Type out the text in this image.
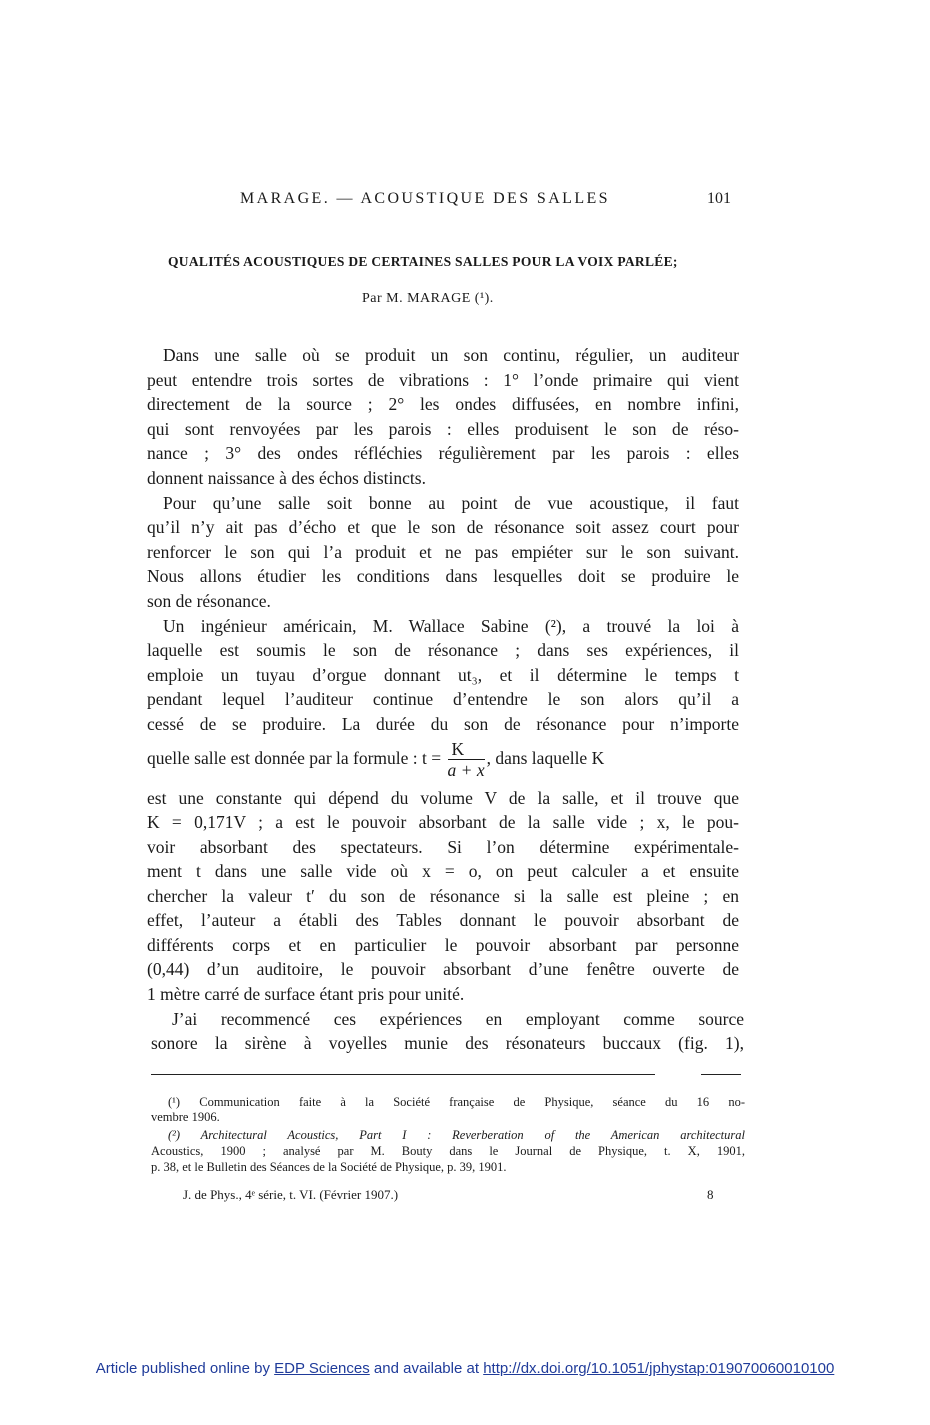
MARAGE. — ACOUSTIQUE DES SALLES	101
QUALITÉS ACOUSTIQUES DE CERTAINES SALLES POUR LA VOIX PARLÉE;
Par M. MARAGE (¹).
Dans une salle où se produit un son continu, régulier, un auditeur
peut entendre trois sortes de vibrations : 1° l’onde primaire qui vient
directement de la source ; 2° les ondes diffusées, en nombre infini,
qui sont renvoyées par les parois : elles produisent le son de réso-
nance ; 3° des ondes réfléchies régulièrement par les parois : elles
donnent naissance à des échos distincts.
Pour qu’une salle soit bonne au point de vue acoustique, il faut
qu’il n’y ait pas d’écho et que le son de résonance soit assez court pour
renforcer le son qui l’a produit et ne pas empiéter sur le son suivant.
Nous allons étudier les conditions dans lesquelles doit se produire le
son de résonance.
Un ingénieur américain, M. Wallace Sabine (²), a trouvé la loi à
laquelle est soumis le son de résonance ; dans ses expériences, il
emploie un tuyau d’orgue donnant ut₃, et il détermine le temps t
pendant lequel l’auditeur continue d’entendre le son alors qu’il a
cessé de se produire. La durée du son de résonance pour n’importe
quelle salle est donnée par la formule : $t = \frac{K}{a + x}$ , dans laquelle K
est une constante qui dépend du volume V de la salle, et il trouve que
K = 0,171V ; a est le pouvoir absorbant de la salle vide ; x, le pou-
voir absorbant des spectateurs. Si l’on détermine expérimentale-
ment t dans une salle vide où x = o, on peut calculer a et ensuite
chercher la valeur t′ du son de résonance si la salle est pleine ; en
effet, l’auteur a établi des Tables donnant le pouvoir absorbant de
différents corps et en particulier le pouvoir absorbant par personne
(0,44) d’un auditoire, le pouvoir absorbant d’une fenêtre ouverte de
1 mètre carré de surface étant pris pour unité.
J’ai recommencé ces expériences en employant comme source
sonore la sirène à voyelles munie des résonateurs buccaux (fig. 1),
(¹) Communication faite à la Société française de Physique, séance du 16 no-
vembre 1906.
(²) Architectural Acoustics, Part I : Reverberation of the American architectural
Acoustics, 1900 ; analysé par M. Bouty dans le Journal de Physique, t. X, 1901,
p. 38, et le Bulletin des Séances de la Société de Physique, p. 39, 1901.
J. de Phys., 4ᵉ série, t. VI. (Février 1907.)	8
Article published online by EDP Sciences and available at http://dx.doi.org/10.1051/jphystap:019070060010100
